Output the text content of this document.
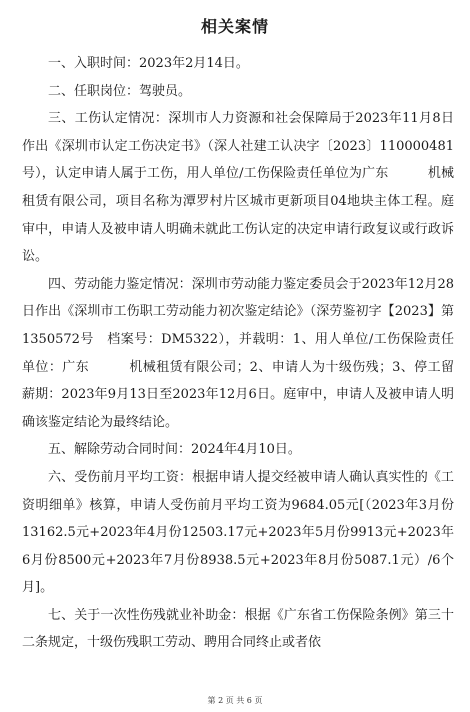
相关案情

一、入职时间：2023年2月14日。

二、任职岗位：驾驶员。

三、工伤认定情况：深圳市人力资源和社会保障局于2023年11月8日作出《深圳市认定工伤决定书》（深人社建工认决字〔2023〕110000481号），认定申请人属于工伤，用人单位/工伤保险责任单位为广东　　　机械租赁有限公司，项目名称为潭罗村片区城市更新项目04地块主体工程。庭审中，申请人及被申请人明确未就此工伤认定的决定申请行政复议或行政诉讼。

四、劳动能力鉴定情况：深圳市劳动能力鉴定委员会于2023年12月28日作出《深圳市工伤职工劳动能力初次鉴定结论》（深劳鉴初字【2023】第1350572号　档案号：DM5322），并载明：1、用人单位/工伤保险责任单位：广东　　　机械租赁有限公司；2、申请人为十级伤残；3、停工留薪期：2023年9月13日至2023年12月6日。庭审中，申请人及被申请人明确该鉴定结论为最终结论。

五、解除劳动合同时间：2024年4月10日。

六、受伤前月平均工资：根据申请人提交经被申请人确认真实性的《工资明细单》核算，申请人受伤前月平均工资为9684.05元[（2023年3月份13162.5元+2023年4月份12503.17元+2023年5月份9913元+2023年6月份8500元+2023年7月份8938.5元+2023年8月份5087.1元）/6个月]。

七、关于一次性伤残就业补助金：根据《广东省工伤保险条例》第三十二条规定，十级伤残职工劳动、聘用合同终止或者依

第 2 页 共 6 页
